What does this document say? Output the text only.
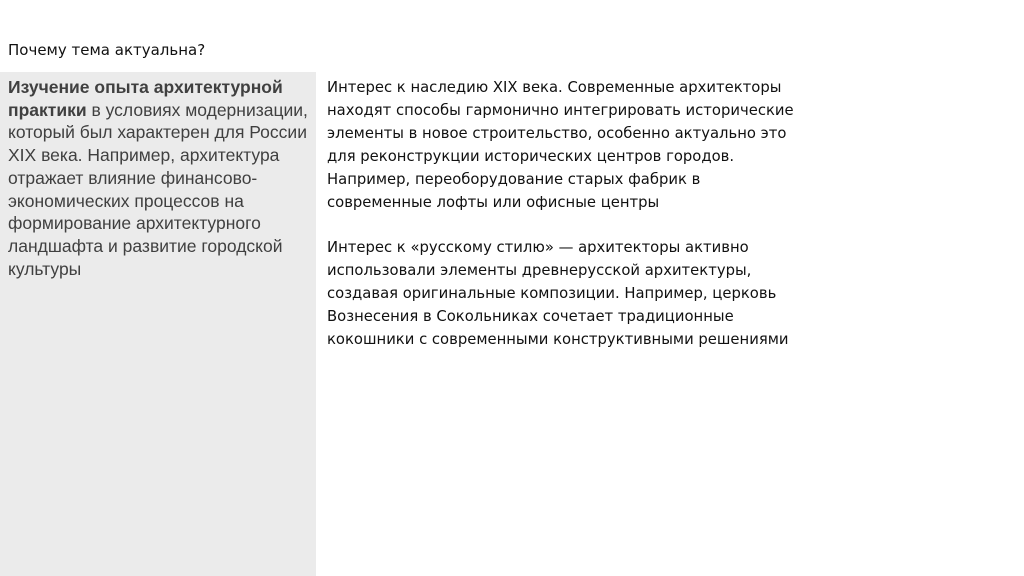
Почему тема актуальна?

Изучение опыта архитектурной практики в условиях модернизации, который был характерен для России XIX века. Например, архитектура отражает влияние финансово-экономических процессов на формирование архитектурного ландшафта и развитие городской культуры

Интерес к наследию XIX века. Современные архитекторы

находят способы гармонично интегрировать исторические

элементы в новое строительство, особенно актуально это

для реконструкции исторических центров городов.

Например, переоборудование старых фабрик в

современные лофты или офисные центры

Интерес к «русскому стилю» — архитекторы активно

использовали элементы древнерусской архитектуры,

создавая оригинальные композиции. Например, церковь

Вознесения в Сокольниках сочетает традиционные

кокошники с современными конструктивными решениями
